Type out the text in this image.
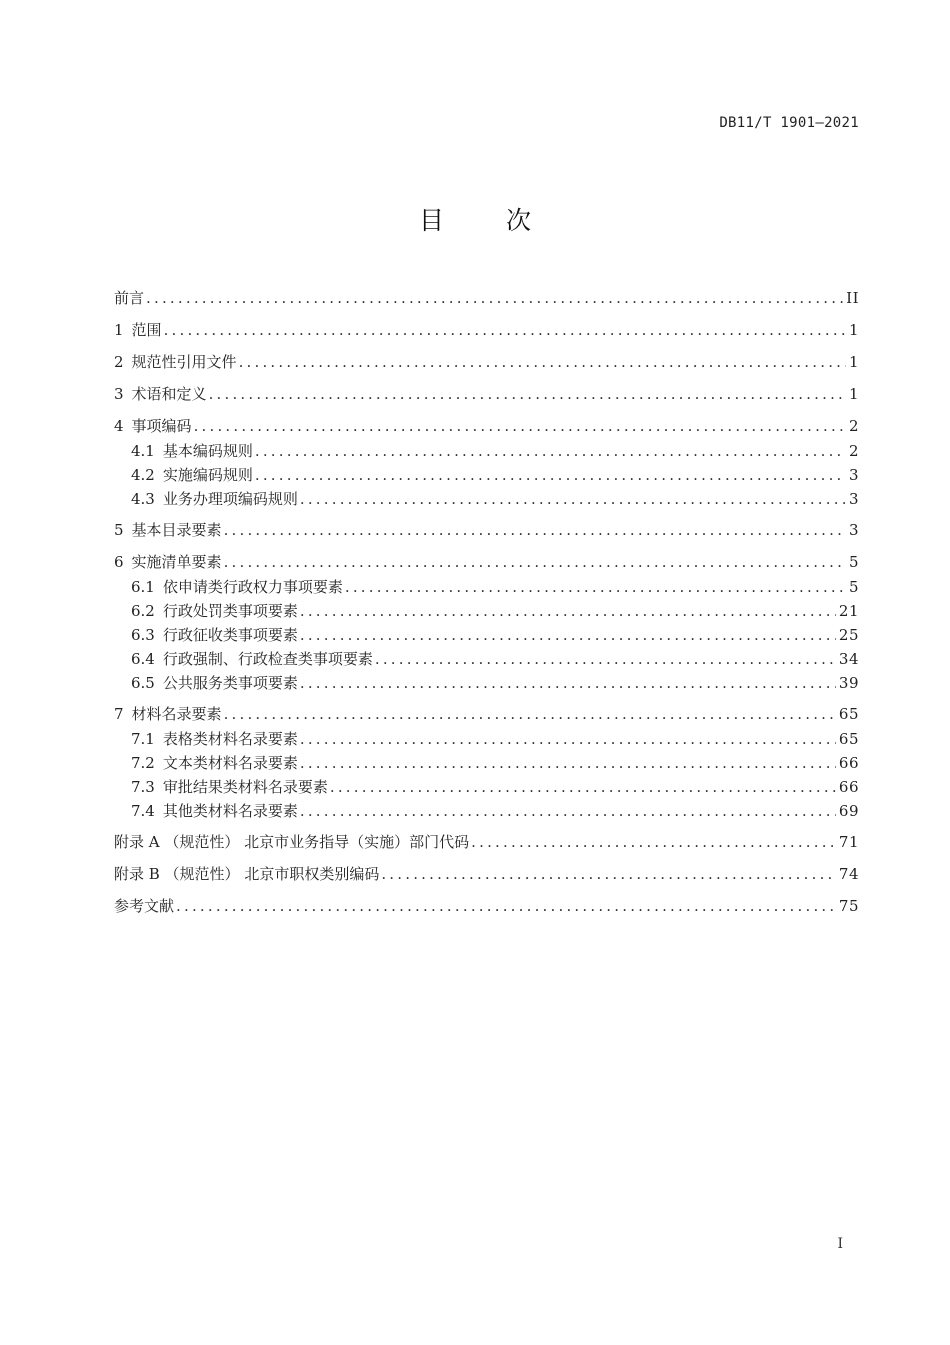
DB11/T 1901—2021
目 次
前言 .....	II
1 范围 .....	1
2 规范性引用文件 .....	1
3 术语和定义 .....	1
4 事项编码 .....	2
4.1 基本编码规则 .....	2
4.2 实施编码规则 .....	3
4.3 业务办理项编码规则 .....	3
5 基本目录要素 .....	3
6 实施清单要素 .....	5
6.1 依申请类行政权力事项要素 .....	5
6.2 行政处罚类事项要素 .....	21
6.3 行政征收类事项要素 .....	25
6.4 行政强制、行政检查类事项要素 .....	34
6.5 公共服务类事项要素 .....	39
7 材料名录要素 .....	65
7.1 表格类材料名录要素 .....	65
7.2 文本类材料名录要素 .....	66
7.3 审批结果类材料名录要素 .....	66
7.4 其他类材料名录要素 .....	69
附录 A （规范性） 北京市业务指导（实施）部门代码 .....	71
附录 B （规范性） 北京市职权类别编码 .....	74
参考文献 .....	75
I
